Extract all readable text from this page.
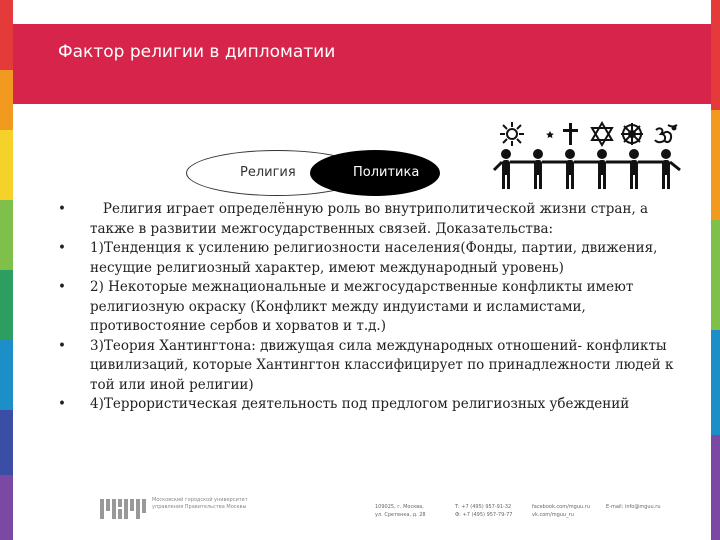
Фактор религии в дипломатии
Религия	Политика
• Религия играет определённую роль во внутриполитической жизни стран, а также в развитии межгосударственных связей. Доказательства:
• 1)Тенденция к усилению религиозности населения(Фонды, партии, движения, несущие религиозный характер, имеют международный уровень)
• 2) Некоторые межнациональные и межгосударственные конфликты имеют религиозную окраску (Конфликт между индуистами и исламистами, противостояние сербов и хорватов и т.д.)
• 3)Теория Хантингтона: движущая сила международных отношений- конфликты цивилизаций, которые Хантингтон классифицирует по принадлежности людей к той или иной религии)
• 4)Террористическая деятельность под предлогом религиозных убеждений
Московский городской университет управления Правительства Москвы	109025, г. Москва,
ул. Сретенка, д. 28
Т: +7 (495) 957-91-32
Ф: +7 (495) 957-79-77
facebook.com/mguu.ru
vk.com/mguu_ru
E-mail: info@mguu.ru
